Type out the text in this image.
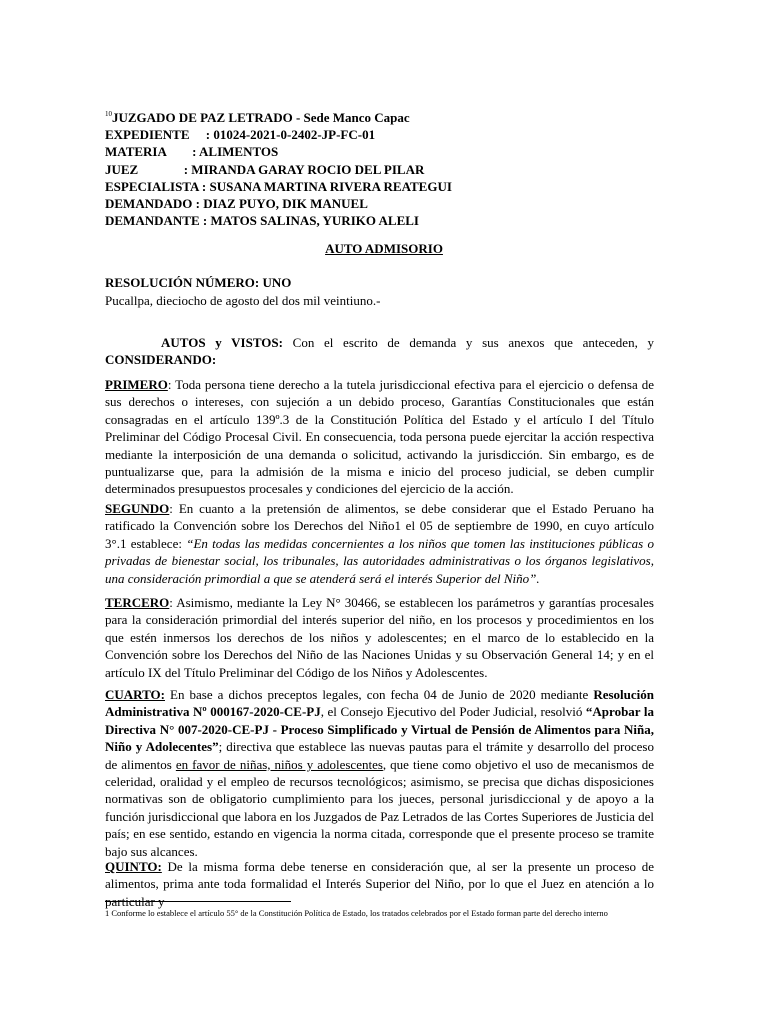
$^{10}$JUZGADO DE PAZ LETRADO - Sede Manco Capac
EXPEDIENTE     : 01024-2021-0-2402-JP-FC-01
MATERIA        : ALIMENTOS
JUEZ              : MIRANDA GARAY ROCIO DEL PILAR
ESPECIALISTA : SUSANA MARTINA RIVERA REATEGUI
DEMANDADO : DIAZ PUYO, DIK MANUEL
DEMANDANTE : MATOS SALINAS, YURIKO ALELI
AUTO ADMISORIO
RESOLUCIÓN NÚMERO: UNO
Pucallpa, dieciocho de agosto del dos mil veintiuno.-

AUTOS y VISTOS: Con el escrito de demanda y sus anexos que anteceden, y CONSIDERANDO:

PRIMERO: Toda persona tiene derecho a la tutela jurisdiccional efectiva para el ejercicio o defensa de sus derechos o intereses, con sujeción a un debido proceso, Garantías Constitucionales que están consagradas en el artículo 139º.3 de la Constitución Política del Estado y el artículo I del Título Preliminar del Código Procesal Civil. En consecuencia, toda persona puede ejercitar la acción respectiva mediante la interposición de una demanda o solicitud, activando la jurisdicción. Sin embargo, es de puntualizarse que, para la admisión de la misma e inicio del proceso judicial, se deben cumplir determinados presupuestos procesales y condiciones del ejercicio de la acción.

SEGUNDO: En cuanto a la pretensión de alimentos, se debe considerar que el Estado Peruano ha ratificado la Convención sobre los Derechos del Niño1 el 05 de septiembre de 1990, en cuyo artículo 3°.1 establece: “En todas las medidas concernientes a los niños que tomen las instituciones públicas o privadas de bienestar social, los tribunales, las autoridades administrativas o los órganos legislativos, una consideración primordial a que se atenderá será el interés Superior del Niño”.

TERCERO: Asimismo, mediante la Ley N° 30466, se establecen los parámetros y garantías procesales para la consideración primordial del interés superior del niño, en los procesos y procedimientos en los que estén inmersos los derechos de los niños y adolescentes; en el marco de lo establecido en la Convención sobre los Derechos del Niño de las Naciones Unidas y su Observación General 14; y en el artículo IX del Título Preliminar del Código de los Niños y Adolescentes.

CUARTO: En base a dichos preceptos legales, con fecha 04 de Junio de 2020 mediante Resolución Administrativa Nº 000167-2020-CE-PJ, el Consejo Ejecutivo del Poder Judicial, resolvió “Aprobar la Directiva N° 007-2020-CE-PJ - Proceso Simplificado y Virtual de Pensión de Alimentos para Niña, Niño y Adolecentes”; directiva que establece las nuevas pautas para el trámite y desarrollo del proceso de alimentos en favor de niñas, niños y adolescentes, que tiene como objetivo el uso de mecanismos de celeridad, oralidad y el empleo de recursos tecnológicos; asimismo, se precisa que dichas disposiciones normativas son de obligatorio cumplimiento para los jueces, personal jurisdiccional y de apoyo a la función jurisdiccional que labora en los Juzgados de Paz Letrados de las Cortes Superiores de Justicia del país; en ese sentido, estando en vigencia la norma citada, corresponde que el presente proceso se tramite bajo sus alcances.

QUINTO: De la misma forma debe tenerse en consideración que, al ser la presente un proceso de alimentos, prima ante toda formalidad el Interés Superior del Niño, por lo que el Juez en atención a lo particular y

1 Conforme lo establece el artículo 55° de la Constitución Política de Estado, los tratados celebrados por el Estado forman parte del derecho interno
